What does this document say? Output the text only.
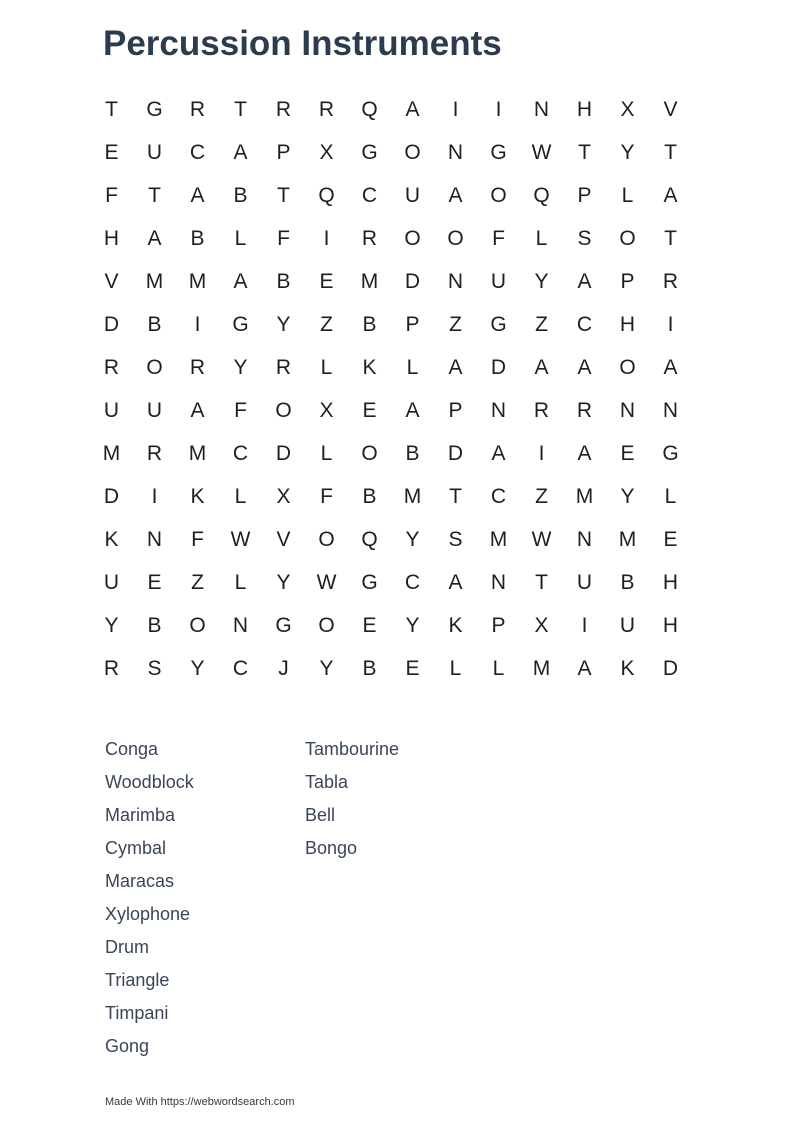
Percussion Instruments
T	G	R	T	R	R	Q	A	I	I	N	H	X	V
E	U	C	A	P	X	G	O	N	G	W	T	Y	T
F	T	A	B	T	Q	C	U	A	O	Q	P	L	A
H	A	B	L	F	I	R	O	O	F	L	S	O	T
V	M	M	A	B	E	M	D	N	U	Y	A	P	R
D	B	I	G	Y	Z	B	P	Z	G	Z	C	H	I
R	O	R	Y	R	L	K	L	A	D	A	A	O	A
U	U	A	F	O	X	E	A	P	N	R	R	N	N
M	R	M	C	D	L	O	B	D	A	I	A	E	G
D	I	K	L	X	F	B	M	T	C	Z	M	Y	L
K	N	F	W	V	O	Q	Y	S	M	W	N	M	E
U	E	Z	L	Y	W	G	C	A	N	T	U	B	H
Y	B	O	N	G	O	E	Y	K	P	X	I	U	H
R	S	Y	C	J	Y	B	E	L	L	M	A	K	D
Conga
Woodblock
Marimba
Cymbal
Maracas
Xylophone
Drum
Triangle
Timpani
Gong
Tambourine
Tabla
Bell
Bongo
Made With https://webwordsearch.com
